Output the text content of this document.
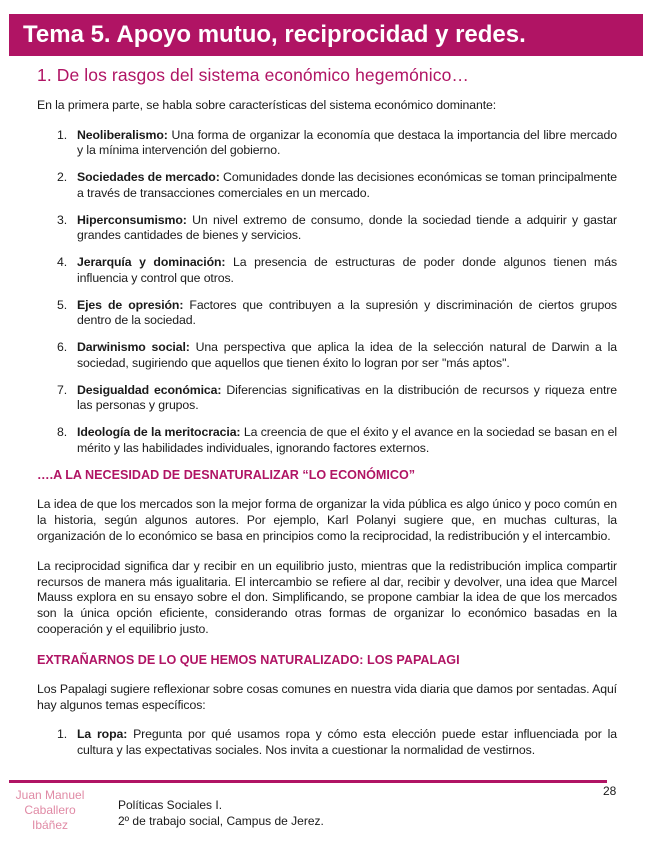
Tema 5. Apoyo mutuo, reciprocidad y redes.
1. De los rasgos del sistema económico hegemónico…

En la primera parte, se habla sobre características del sistema económico dominante:

1. Neoliberalismo: Una forma de organizar la economía que destaca la importancia del libre mercado y la mínima intervención del gobierno.
2. Sociedades de mercado: Comunidades donde las decisiones económicas se toman principalmente a través de transacciones comerciales en un mercado.
3. Hiperconsumismo: Un nivel extremo de consumo, donde la sociedad tiende a adquirir y gastar grandes cantidades de bienes y servicios.
4. Jerarquía y dominación: La presencia de estructuras de poder donde algunos tienen más influencia y control que otros.
5. Ejes de opresión: Factores que contribuyen a la supresión y discriminación de ciertos grupos dentro de la sociedad.
6. Darwinismo social: Una perspectiva que aplica la idea de la selección natural de Darwin a la sociedad, sugiriendo que aquellos que tienen éxito lo logran por ser "más aptos".
7. Desigualdad económica: Diferencias significativas en la distribución de recursos y riqueza entre las personas y grupos.
8. Ideología de la meritocracia: La creencia de que el éxito y el avance en la sociedad se basan en el mérito y las habilidades individuales, ignorando factores externos.
….A LA NECESIDAD DE DESNATURALIZAR “LO ECONÓMICO”

La idea de que los mercados son la mejor forma de organizar la vida pública es algo único y poco común en la historia, según algunos autores. Por ejemplo, Karl Polanyi sugiere que, en muchas culturas, la organización de lo económico se basa en principios como la reciprocidad, la redistribución y el intercambio.

La reciprocidad significa dar y recibir en un equilibrio justo, mientras que la redistribución implica compartir recursos de manera más igualitaria. El intercambio se refiere al dar, recibir y devolver, una idea que Marcel Mauss explora en su ensayo sobre el don. Simplificando, se propone cambiar la idea de que los mercados son la única opción eficiente, considerando otras formas de organizar lo económico basadas en la cooperación y el equilibrio justo.

EXTRAÑARNOS DE LO QUE HEMOS NATURALIZADO: LOS PAPALAGI

Los Papalagi sugiere reflexionar sobre cosas comunes en nuestra vida diaria que damos por sentadas. Aquí hay algunos temas específicos:

1. La ropa: Pregunta por qué usamos ropa y cómo esta elección puede estar influenciada por la cultura y las expectativas sociales. Nos invita a cuestionar la normalidad de vestirnos.
28
Juan Manuel
Caballero
Ibáñez
Políticas Sociales I.
2º de trabajo social, Campus de Jerez.
